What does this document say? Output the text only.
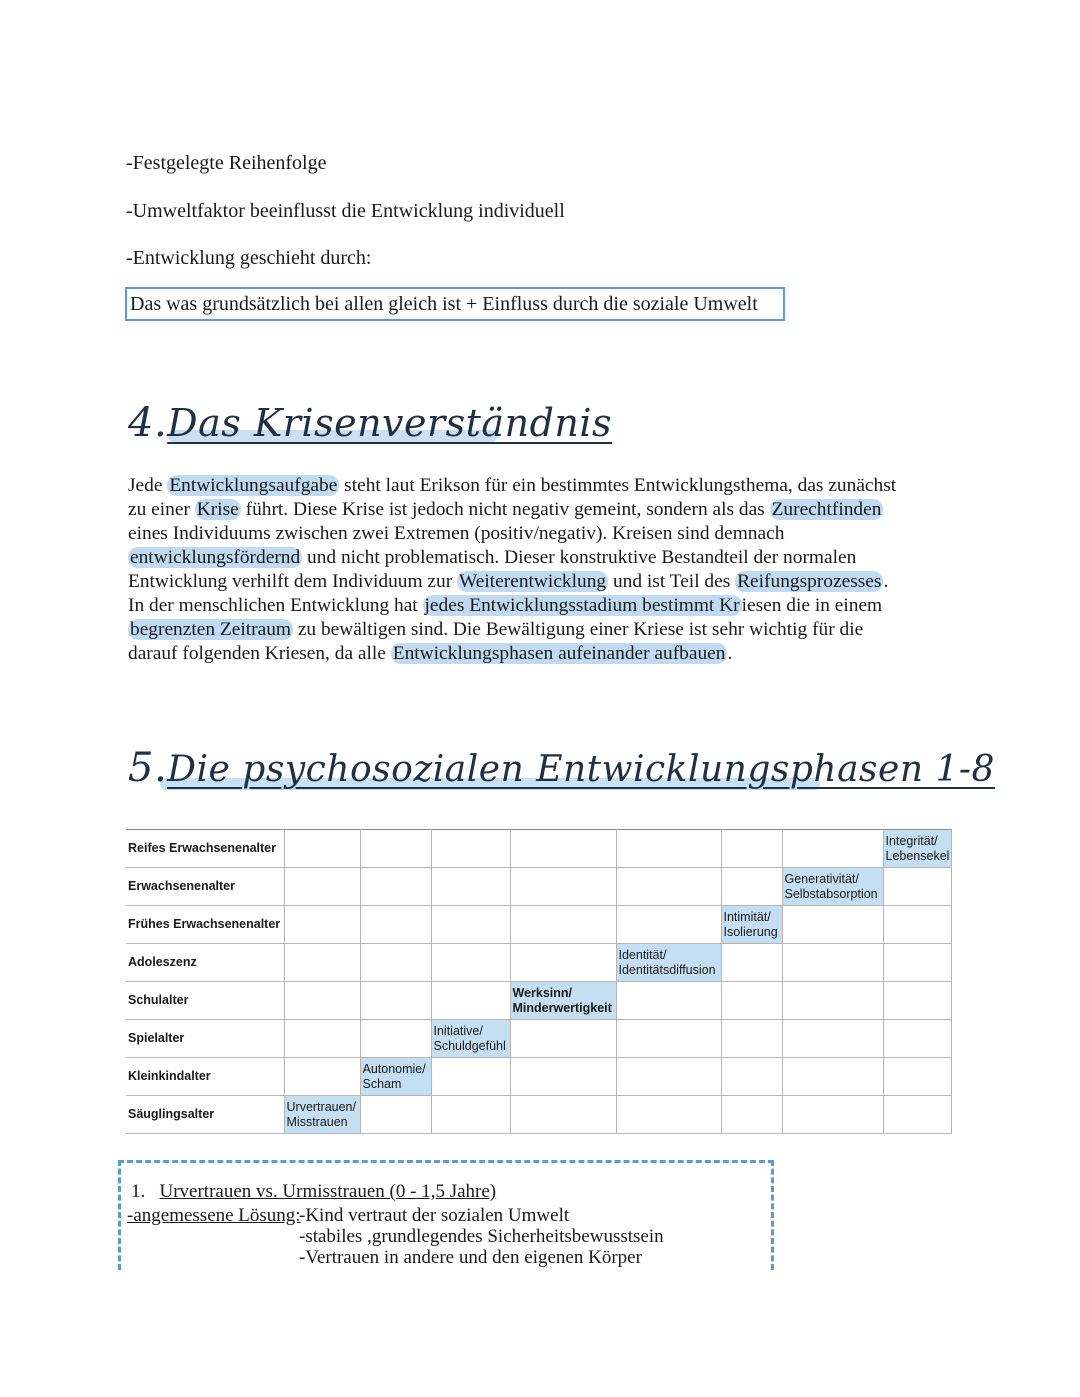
-Festgelegte Reihenfolge
-Umweltfaktor beeinflusst die Entwicklung individuell
-Entwicklung geschieht durch:
Das was grundsätzlich bei allen gleich ist + Einfluss durch die soziale Umwelt
4.Das Krisenverständnis
Jede Entwicklungsaufgabe steht laut Erikson für ein bestimmtes Entwicklungsthema, das zunächst
zu einer Krise führt. Diese Krise ist jedoch nicht negativ gemeint, sondern als das Zurechtfinden
eines Individuums zwischen zwei Extremen (positiv/negativ). Kreisen sind demnach
entwicklungsfördernd und nicht problematisch. Dieser konstruktive Bestandteil der normalen
Entwicklung verhilft dem Individuum zur Weiterentwicklung und ist Teil des Reifungsprozesses .
In der menschlichen Entwicklung hat jedes Entwicklungsstadium bestimmt Kr iesen die in einem
begrenzten Zeitraum zu bewältigen sind. Die Bewältigung einer Kriese ist sehr wichtig für die
darauf folgenden Kriesen, da alle Entwicklungsphasen aufeinander aufbauen .
5.Die psychosozialen Entwicklungsphasen 1-8
Reifes Erwachsenenalter								Integrität/
Lebensekel
Erwachsenenalter							Generativität/
Selbstabsorption	
Frühes Erwachsenenalter						Intimität/
Isolierung		
Adoleszenz					Identität/
Identitätsdiffusion			
Schulalter				Werksinn/
Minderwertigkeit				
Spielalter			Initiative/
Schuldgefühl					
Kleinkindalter		Autonomie/
Scham						
Säuglingsalter	Urvertrauen/
Misstrauen							
1. Urvertrauen vs. Urmisstrauen (0 - 1,5 Jahre)
-angemessene Lösung:
-Kind vertraut der sozialen Umwelt
-stabiles ,grundlegendes Sicherheitsbewusstsein
-Vertrauen in andere und den eigenen Körper
